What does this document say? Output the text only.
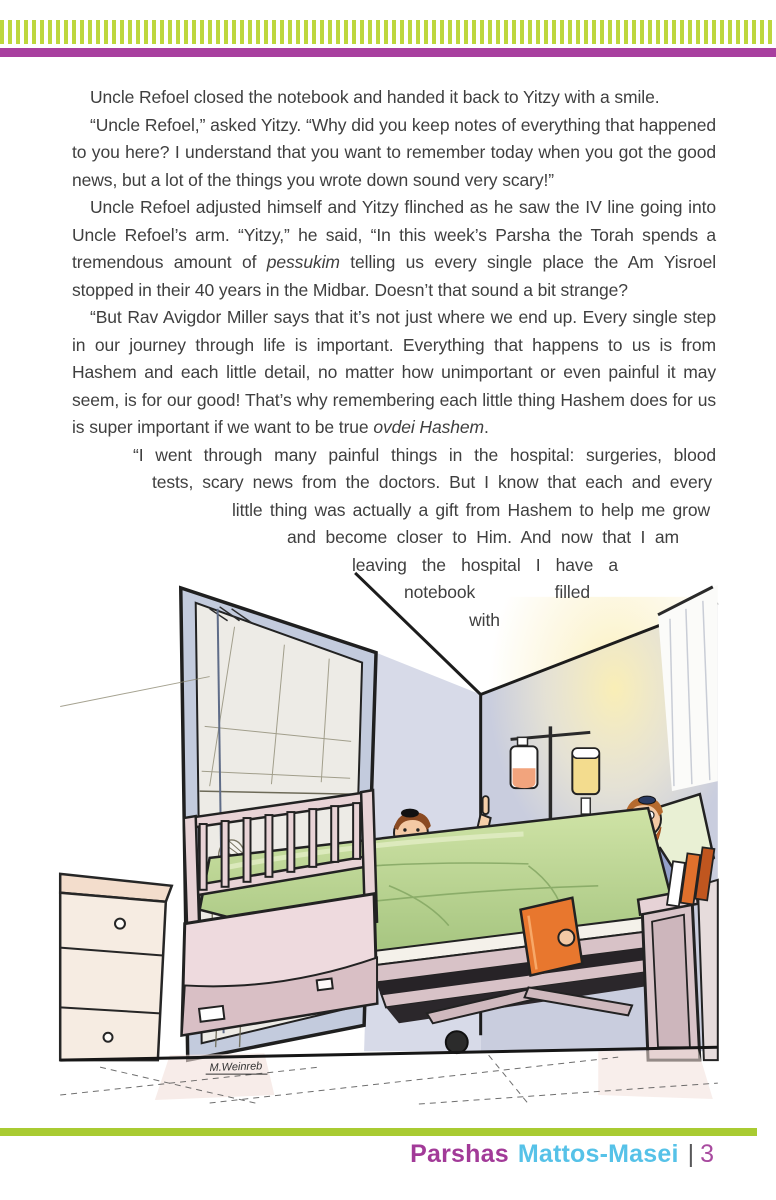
Uncle Refoel closed the notebook and handed it back to Yitzy with a smile.

“Uncle Refoel,” asked Yitzy. “Why did you keep notes of everything that happened to you here? I understand that you want to remember today when you got the good news, but a lot of the things you wrote down sound very scary!”

Uncle Refoel adjusted himself and Yitzy flinched as he saw the IV line going into Uncle Refoel’s arm. “Yitzy,” he said, “In this week’s Parsha the Torah spends a tremendous amount of pessukim telling us every single place the Am Yisroel stopped in their 40 years in the Midbar. Doesn’t that sound a bit strange?

“But Rav Avigdor Miller says that it’s not just where we end up. Every single step in our journey through life is important. Everything that happens to us is from Hashem and each little detail, no matter how unimportant or even painful it may seem, is for our good! That’s why remembering each little thing Hashem does for us is super important if we want to be true ovdei Hashem.

“I went through many painful things in the hospital: surgeries, blood
tests, scary news from the doctors. But I know that each and every
little thing was actually a gift from Hashem to help me grow
and become closer to Him. And now that I am
leaving the hospital I have a
notebook filled
with
M.Weinreb
Parshas Mattos-Masei | 3
